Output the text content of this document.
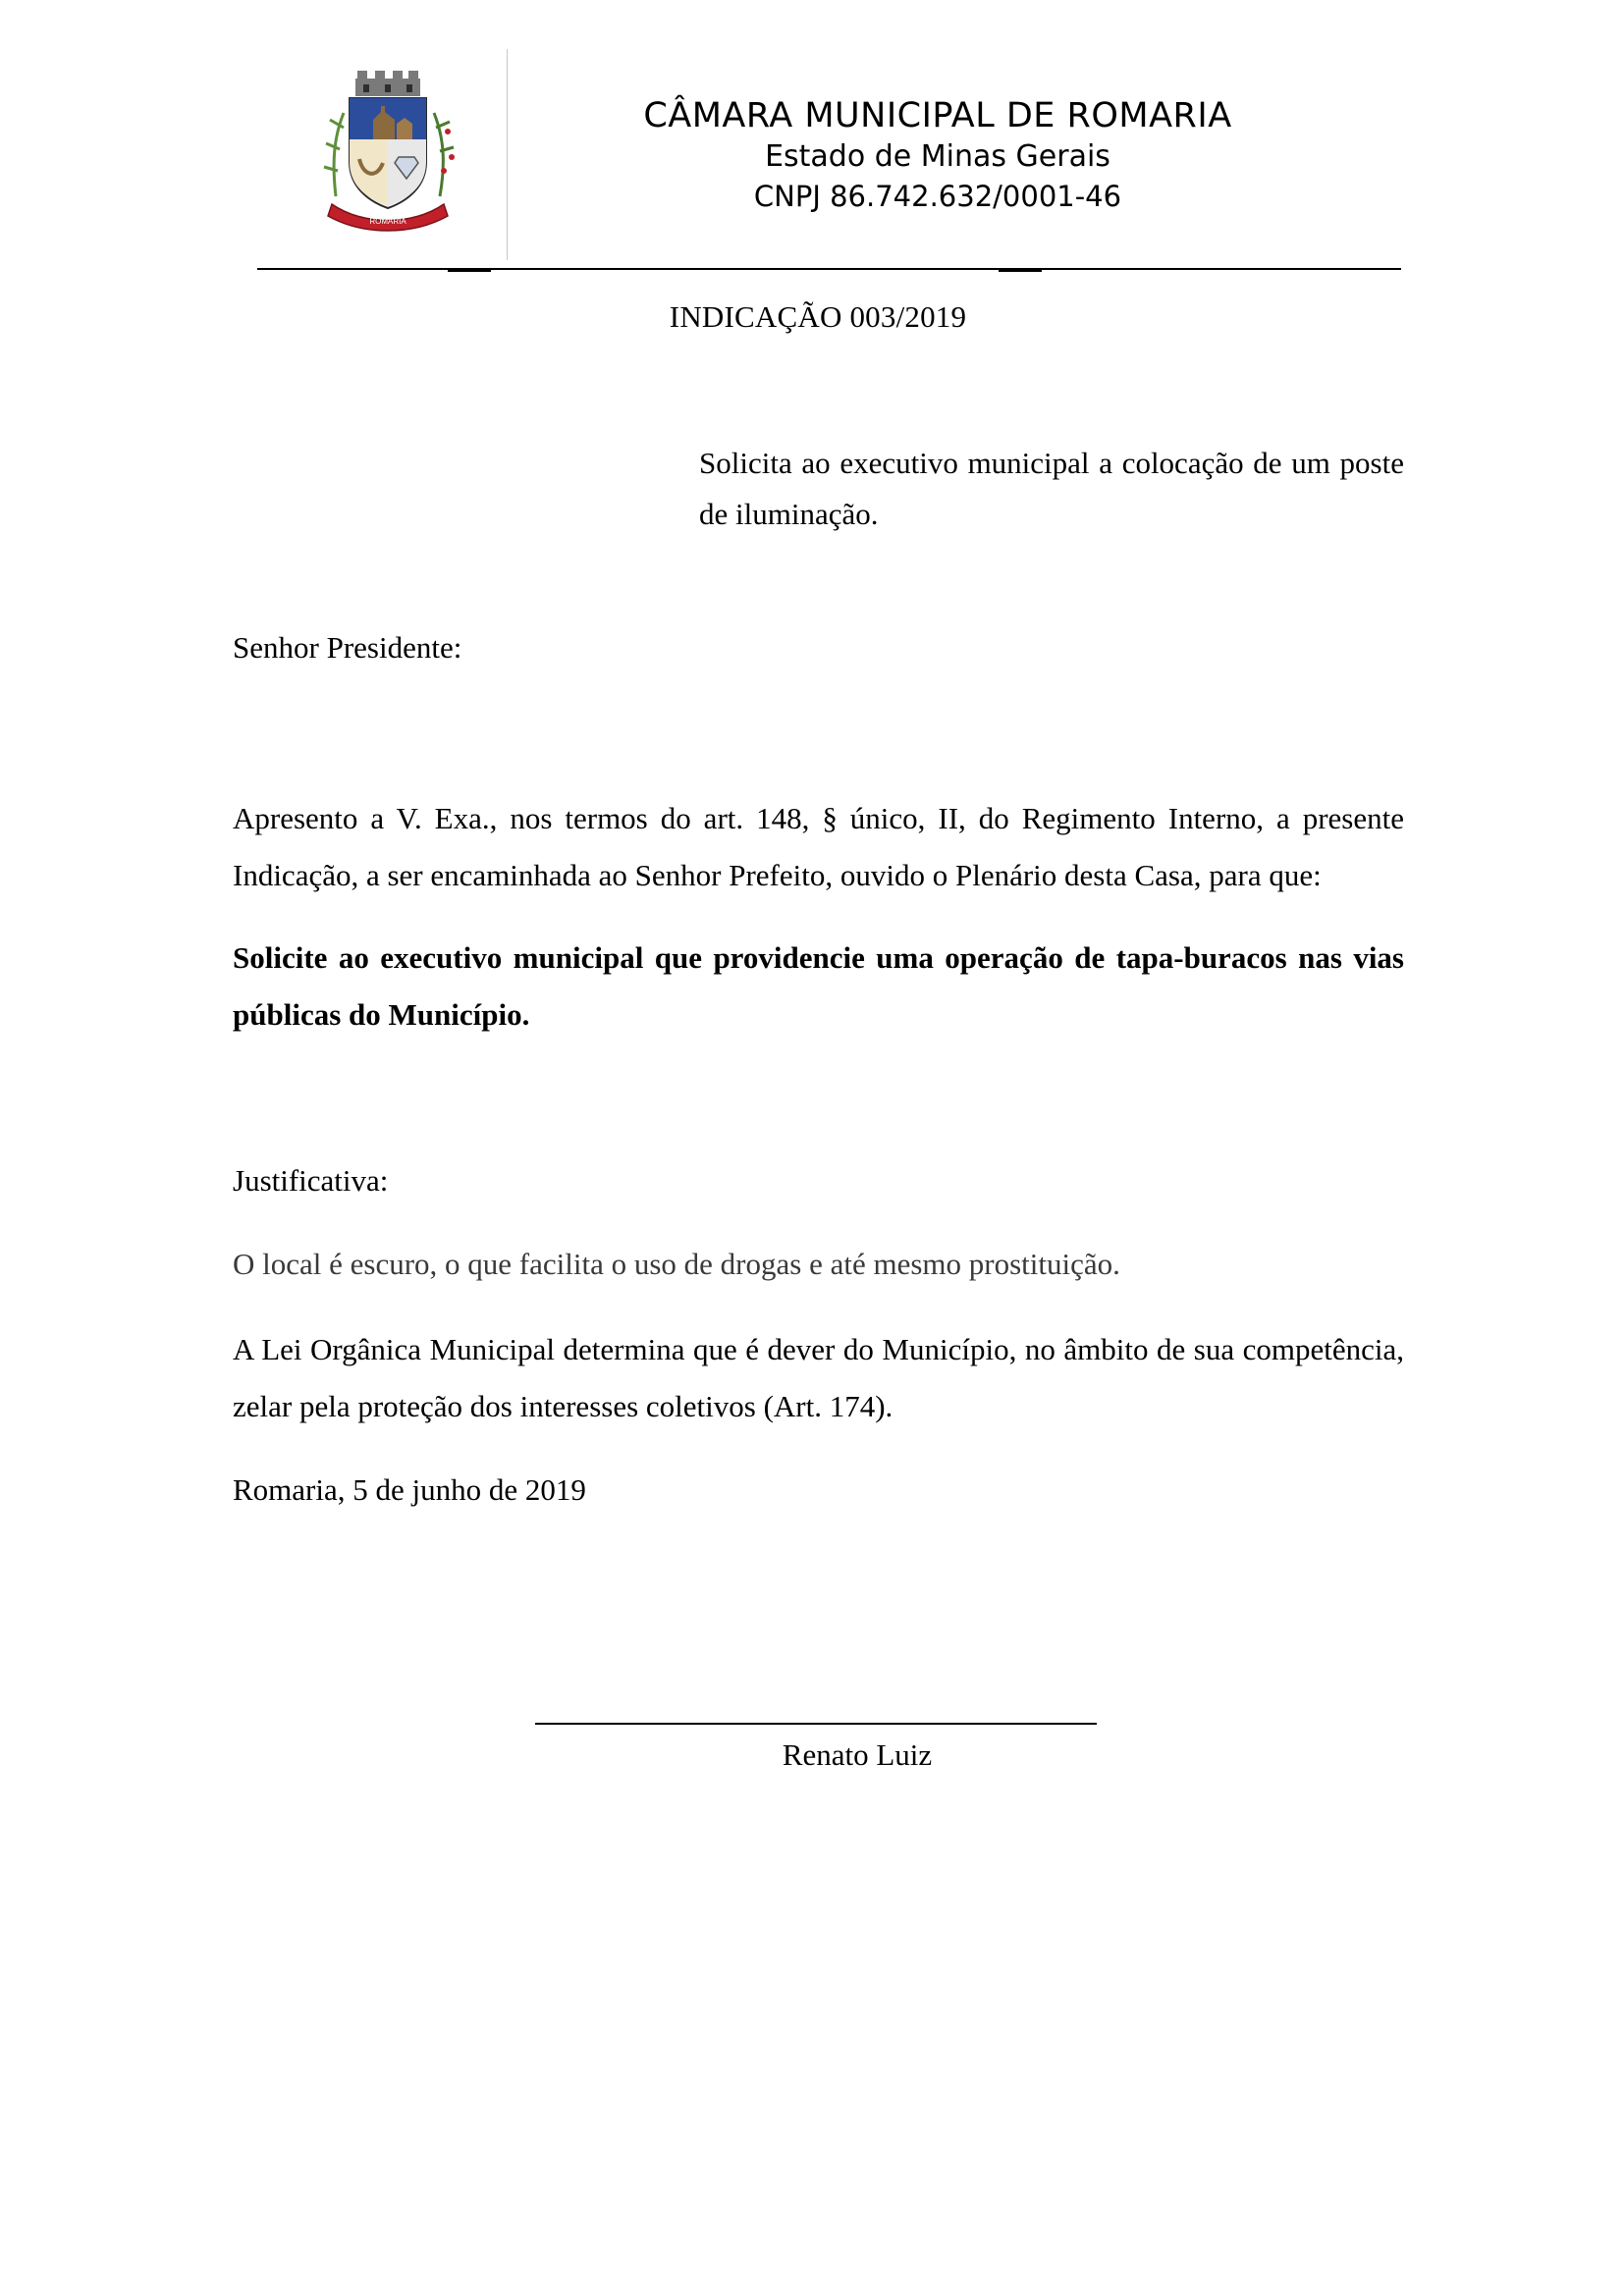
ROMARIA
CÂMARA MUNICIPAL DE ROMARIA
Estado de Minas Gerais
CNPJ 86.742.632/0001-46
INDICAÇÃO 003/2019
Solicita ao executivo municipal a colocação de um poste de iluminação.
Senhor Presidente:
Apresento a V. Exa., nos termos do art. 148, § único, II, do Regimento Interno, a presente Indicação, a ser encaminhada ao Senhor Prefeito, ouvido o Plenário desta Casa, para que:
Solicite ao executivo municipal que providencie uma operação de tapa-buracos nas vias públicas do Município.
Justificativa:
O local é escuro, o que facilita o uso de drogas e até mesmo prostituição.
A Lei Orgânica Municipal determina que é dever do Município, no âmbito de sua competência, zelar pela proteção dos interesses coletivos (Art. 174).
Romaria, 5 de junho de 2019
Renato Luiz
